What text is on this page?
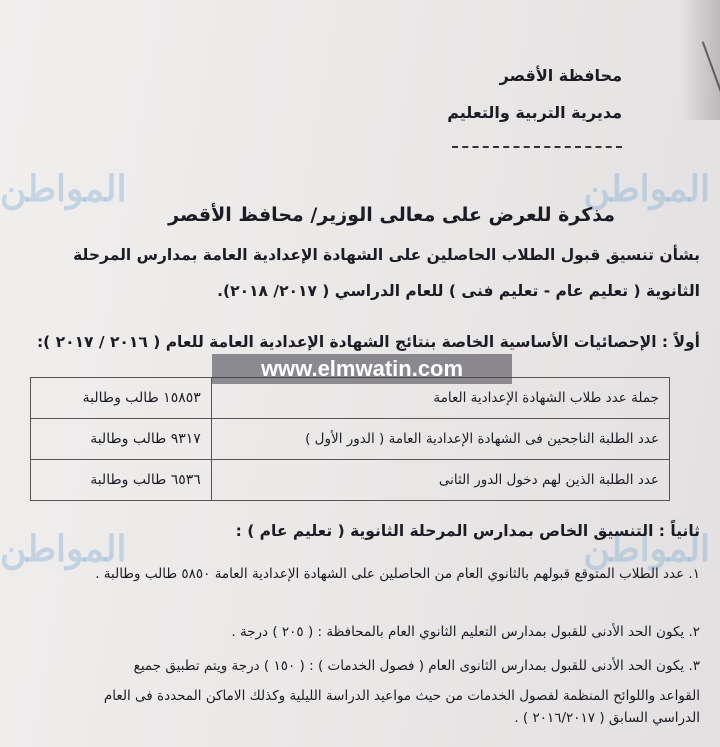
المواطن	المواطن
المواطن	المواطن
محافظة الأقصر
مديرية التربية والتعليم
مذكرة للعرض على معالى الوزير/ محافظ الأقصر
بشأن تنسيق قبول الطلاب الحاصلين على الشهادة الإعدادية العامة بمدارس المرحلة
الثانوية ( تعليم عام - تعليم فنى ) للعام الدراسي ( ٢٠١٧/ ٢٠١٨).
أولاً : الإحصائيات الأساسية الخاصة بنتائج الشهادة الإعدادية العامة للعام ( ٢٠١٦ / ٢٠١٧ ):
جملة عدد طلاب الشهادة الإعدادية العامة	١٥٨٥٣ طالب وطالبة
عدد الطلبة الناجحين فى الشهادة الإعدادية العامة ( الدور الأول )	٩٣١٧ طالب وطالبة
عدد الطلبة الذين لهم دخول الدور الثانى	٦٥٣٦ طالب وطالبة
www.elmwatin.com
ثانياً : التنسيق الخاص بمدارس المرحلة الثانوية ( تعليم عام ) :
١. عدد الطلاب المتوقع قبولهم بالثانوي العام من الحاصلين على الشهادة الإعدادية العامة ٥٨٥٠ طالب وطالبة .
٢. يكون الحد الأدنى للقبول بمدارس التعليم الثانوي العام بالمحافظة : ( ٢٠٥ ) درجة .
٣. يكون الحد الأدنى للقبول بمدارس الثانوى العام ( فصول الخدمات ) : ( ١٥٠ ) درجة ويتم تطبيق جميع
القواعد واللوائح المنظمة لفصول الخدمات من حيث مواعيد الدراسة الليلية وكذلك الاماكن المحددة فى العام
الدراسي السابق ( ٢٠١٦/٢٠١٧ ) .
